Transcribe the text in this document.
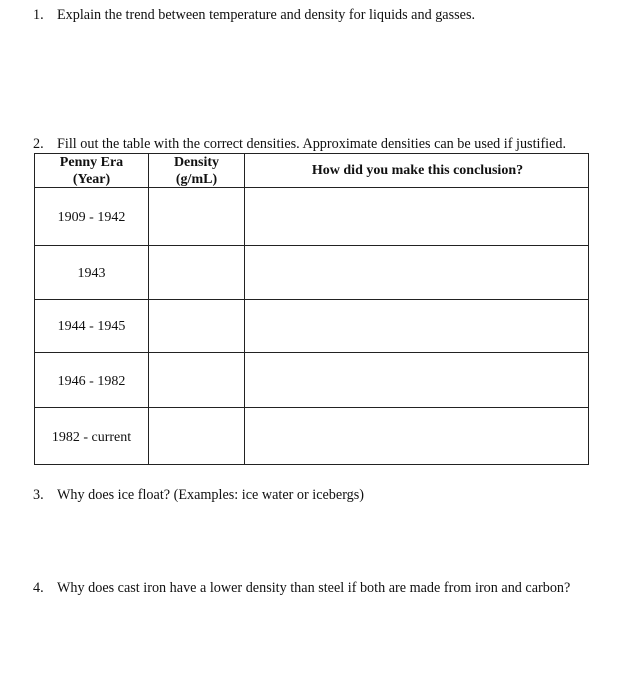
1. Explain the trend between temperature and density for liquids and gasses.
2. Fill out the table with the correct densities. Approximate densities can be used if justified.
Penny Era
(Year)
Density
(g/mL)
How did you make this conclusion?
1909 - 1942
1943
1944 - 1945
1946 - 1982
1982 - current
3. Why does ice float? (Examples: ice water or icebergs)
4. Why does cast iron have a lower density than steel if both are made from iron and carbon?
